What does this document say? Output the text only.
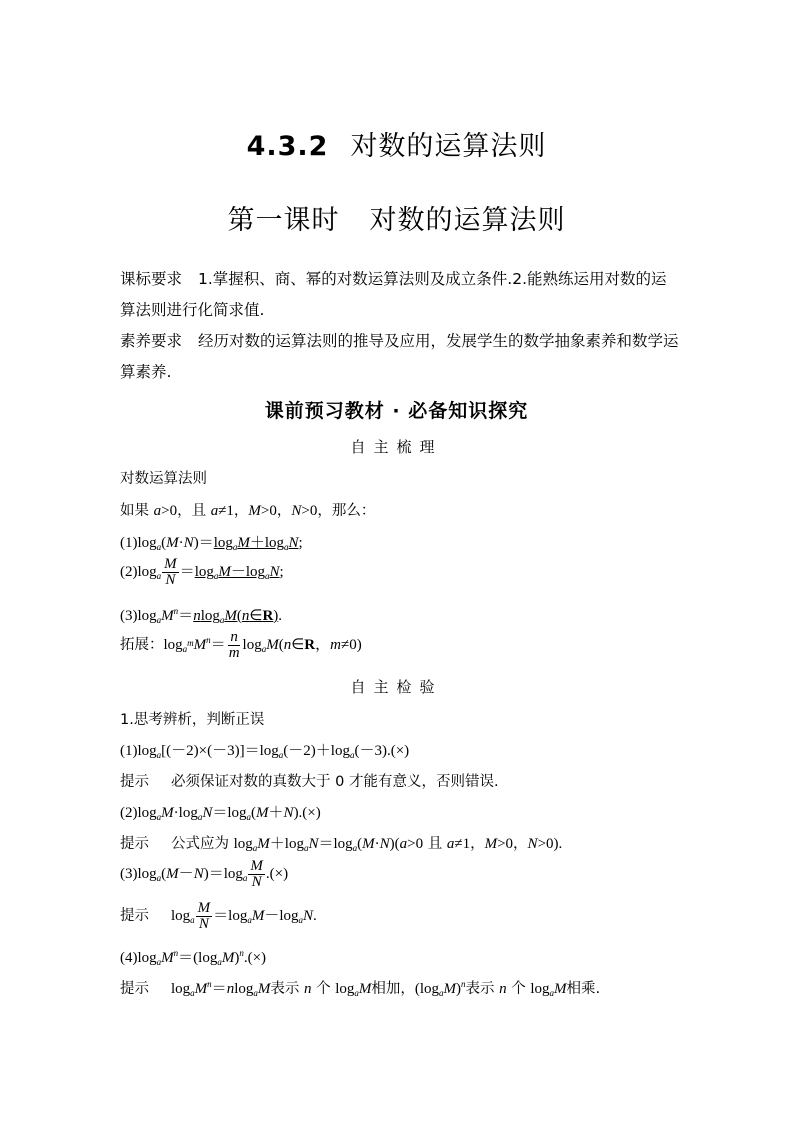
4.3.2 对数的运算法则
第一课时 对数的运算法则
课标要求 1.掌握积、商、幂的对数运算法则及成立条件.2.能熟练运用对数的运算法则进行化简求值.
素养要求 经历对数的运算法则的推导及应用，发展学生的数学抽象素养和数学运算素养.
课前预习教材 · 必备知识探究
自主梳理
对数运算法则
如果 a>0，且 a≠1，M>0，N>0，那么：
$(1)\log_a(M\cdot N)=\log_aM+\log_aN$;
$(2)\log_a \frac{M}{N} =\log_aM-\log_aN$;
$(3)\log_aM^n=nlog_aM(n\in R)$.
拓展：$\log_{a^m}M^n= \frac{n}{m}$ $\log_aM(n\in R$，m≠0)
自主检验
1.思考辨析，判断正误
$(1)\log_a[(-2)\times(-3)]=\log_a(-2)+\log_a(-3).(\times)$
提示 必须保证对数的真数大于 0 才能有意义，否则错误.
$(2)\log_aM\cdot\log_aN=\log_a(M+N).(\times)$
提示 公式应为 $\log_aM+\log_aN=\log_a(M\cdot N)(a>0$ 且 a≠1，M>0，N>0).
$(3)\log_a(M-N)=\log_a \frac{M}{N}$ .(×)
提示 $\log_a \frac{M}{N} =\log_aM-\log_aN$.
$(4)\log_aM^n=(\log_aM)^n.(\times)$
提示 $\log_aM^n=nlog_aM$表示 n 个 $\log_aM$相加，$(\log_aM)^n$表示 n 个 $\log_aM$相乘.
